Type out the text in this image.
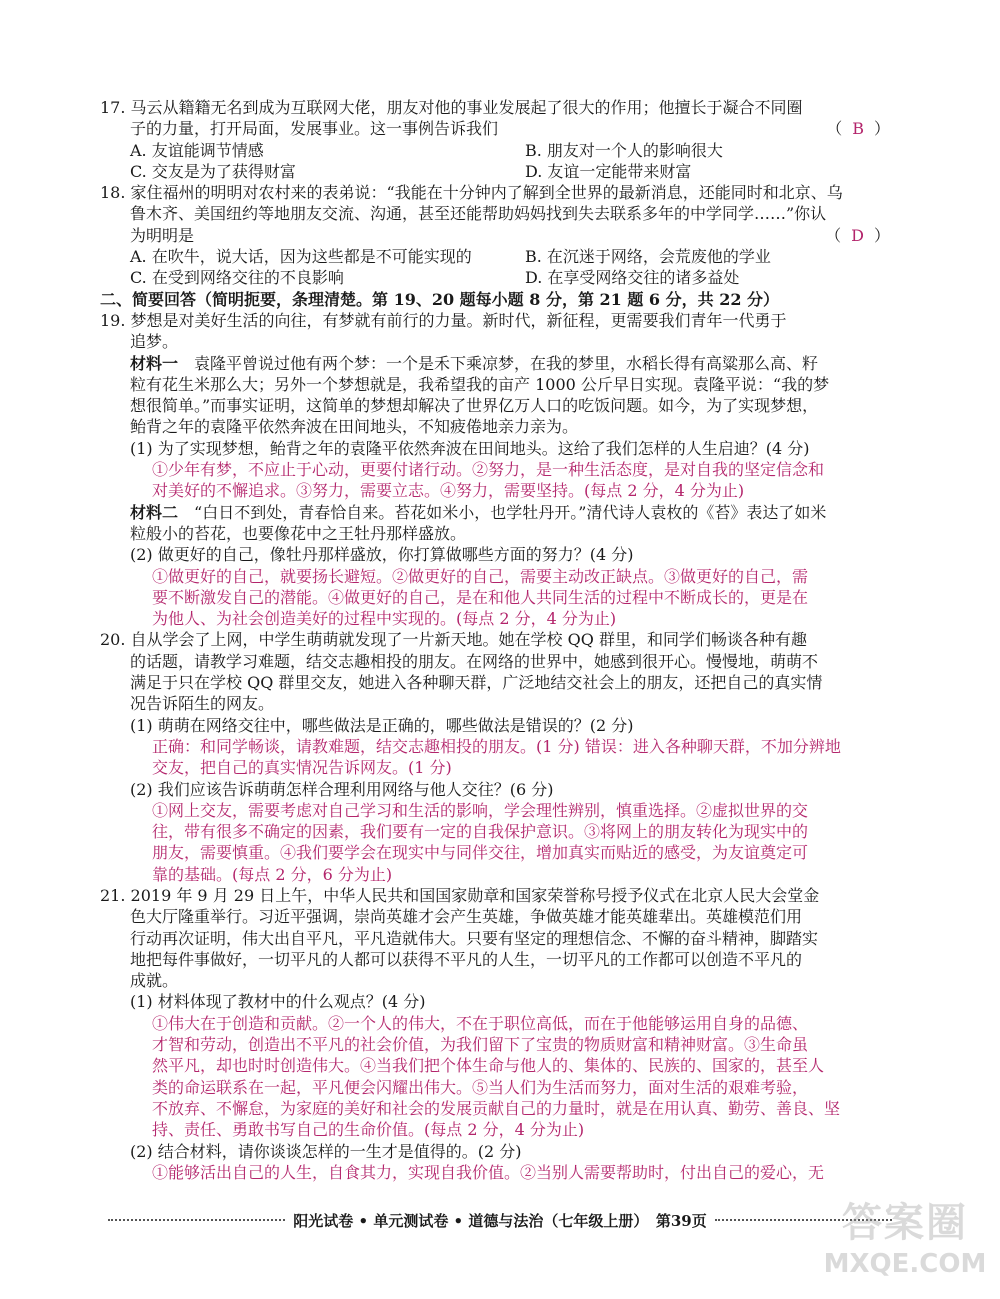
17. 马云从籍籍无名到成为互联网大佬，朋友对他的事业发展起了很大的作用；他擅长于凝合不同圈
子的力量，打开局面，发展事业。这一事例告诉我们	（ B ）
A. 友谊能调节情感	B. 朋友对一个人的影响很大
C. 交友是为了获得财富	D. 友谊一定能带来财富
18. 家住福州的明明对农村来的表弟说：“我能在十分钟内了解到全世界的最新消息，还能同时和北京、乌
鲁木齐、美国纽约等地朋友交流、沟通，甚至还能帮助妈妈找到失去联系多年的中学同学……”你认
为明明是	（ D ）
A. 在吹牛，说大话，因为这些都是不可能实现的	B. 在沉迷于网络，会荒废他的学业
C. 在受到网络交往的不良影响	D. 在享受网络交往的诸多益处
二、简要回答（简明扼要，条理清楚。第 19、20 题每小题 8 分，第 21 题 6 分，共 22 分）
19. 梦想是对美好生活的向往，有梦就有前行的力量。新时代，新征程，更需要我们青年一代勇于
追梦。
材料一　袁隆平曾说过他有两个梦：一个是禾下乘凉梦，在我的梦里，水稻长得有高粱那么高、籽
粒有花生米那么大；另外一个梦想就是，我希望我的亩产 1000 公斤早日实现。袁隆平说：“我的梦
想很简单。”而事实证明，这简单的梦想却解决了世界亿万人口的吃饭问题。如今，为了实现梦想，
鲐背之年的袁隆平依然奔波在田间地头，不知疲倦地亲力亲为。
(1) 为了实现梦想，鲐背之年的袁隆平依然奔波在田间地头。这给了我们怎样的人生启迪？(4 分)
①少年有梦，不应止于心动，更要付诸行动。②努力，是一种生活态度，是对自我的坚定信念和
对美好的不懈追求。③努力，需要立志。④努力，需要坚持。(每点 2 分，4 分为止)
材料二　“白日不到处，青春恰自来。苔花如米小，也学牡丹开。”清代诗人袁枚的《苔》表达了如米
粒般小的苔花，也要像花中之王牡丹那样盛放。
(2) 做更好的自己，像牡丹那样盛放，你打算做哪些方面的努力？(4 分)
①做更好的自己，就要扬长避短。②做更好的自己，需要主动改正缺点。③做更好的自己，需
要不断激发自己的潜能。④做更好的自己，是在和他人共同生活的过程中不断成长的，更是在
为他人、为社会创造美好的过程中实现的。(每点 2 分，4 分为止)
20. 自从学会了上网，中学生萌萌就发现了一片新天地。她在学校 QQ 群里，和同学们畅谈各种有趣
的话题，请教学习难题，结交志趣相投的朋友。在网络的世界中，她感到很开心。慢慢地，萌萌不
满足于只在学校 QQ 群里交友，她进入各种聊天群，广泛地结交社会上的朋友，还把自己的真实情
况告诉陌生的网友。
(1) 萌萌在网络交往中，哪些做法是正确的，哪些做法是错误的？(2 分)
正确：和同学畅谈，请教难题，结交志趣相投的朋友。(1 分) 错误：进入各种聊天群，不加分辨地
交友，把自己的真实情况告诉网友。(1 分)
(2) 我们应该告诉萌萌怎样合理利用网络与他人交往？(6 分)
①网上交友，需要考虑对自己学习和生活的影响，学会理性辨别，慎重选择。②虚拟世界的交
往，带有很多不确定的因素，我们要有一定的自我保护意识。③将网上的朋友转化为现实中的
朋友，需要慎重。④我们要学会在现实中与同伴交往，增加真实而贴近的感受，为友谊奠定可
靠的基础。(每点 2 分，6 分为止)
21. 2019 年 9 月 29 日上午，中华人民共和国国家勋章和国家荣誉称号授予仪式在北京人民大会堂金
色大厅隆重举行。习近平强调，崇尚英雄才会产生英雄，争做英雄才能英雄辈出。英雄模范们用
行动再次证明，伟大出自平凡，平凡造就伟大。只要有坚定的理想信念、不懈的奋斗精神，脚踏实
地把每件事做好，一切平凡的人都可以获得不平凡的人生，一切平凡的工作都可以创造不平凡的
成就。
(1) 材料体现了教材中的什么观点？(4 分)
①伟大在于创造和贡献。②一个人的伟大，不在于职位高低，而在于他能够运用自身的品德、
才智和劳动，创造出不平凡的社会价值，为我们留下了宝贵的物质财富和精神财富。③生命虽
然平凡，却也时时创造伟大。④当我们把个体生命与他人的、集体的、民族的、国家的，甚至人
类的命运联系在一起，平凡便会闪耀出伟大。⑤当人们为生活而努力，面对生活的艰难考验，
不放弃、不懈怠，为家庭的美好和社会的发展贡献自己的力量时，就是在用认真、勤劳、善良、坚
持、责任、勇敢书写自己的生命价值。(每点 2 分，4 分为止)
(2) 结合材料，请你谈谈怎样的一生才是值得的。(2 分)
①能够活出自己的人生，自食其力，实现自我价值。②当别人需要帮助时，付出自己的爱心，无
阳光试卷 • 单元测试卷 • 道德与法治（七年级上册）　第39页	答案圈
MXQE.COM
